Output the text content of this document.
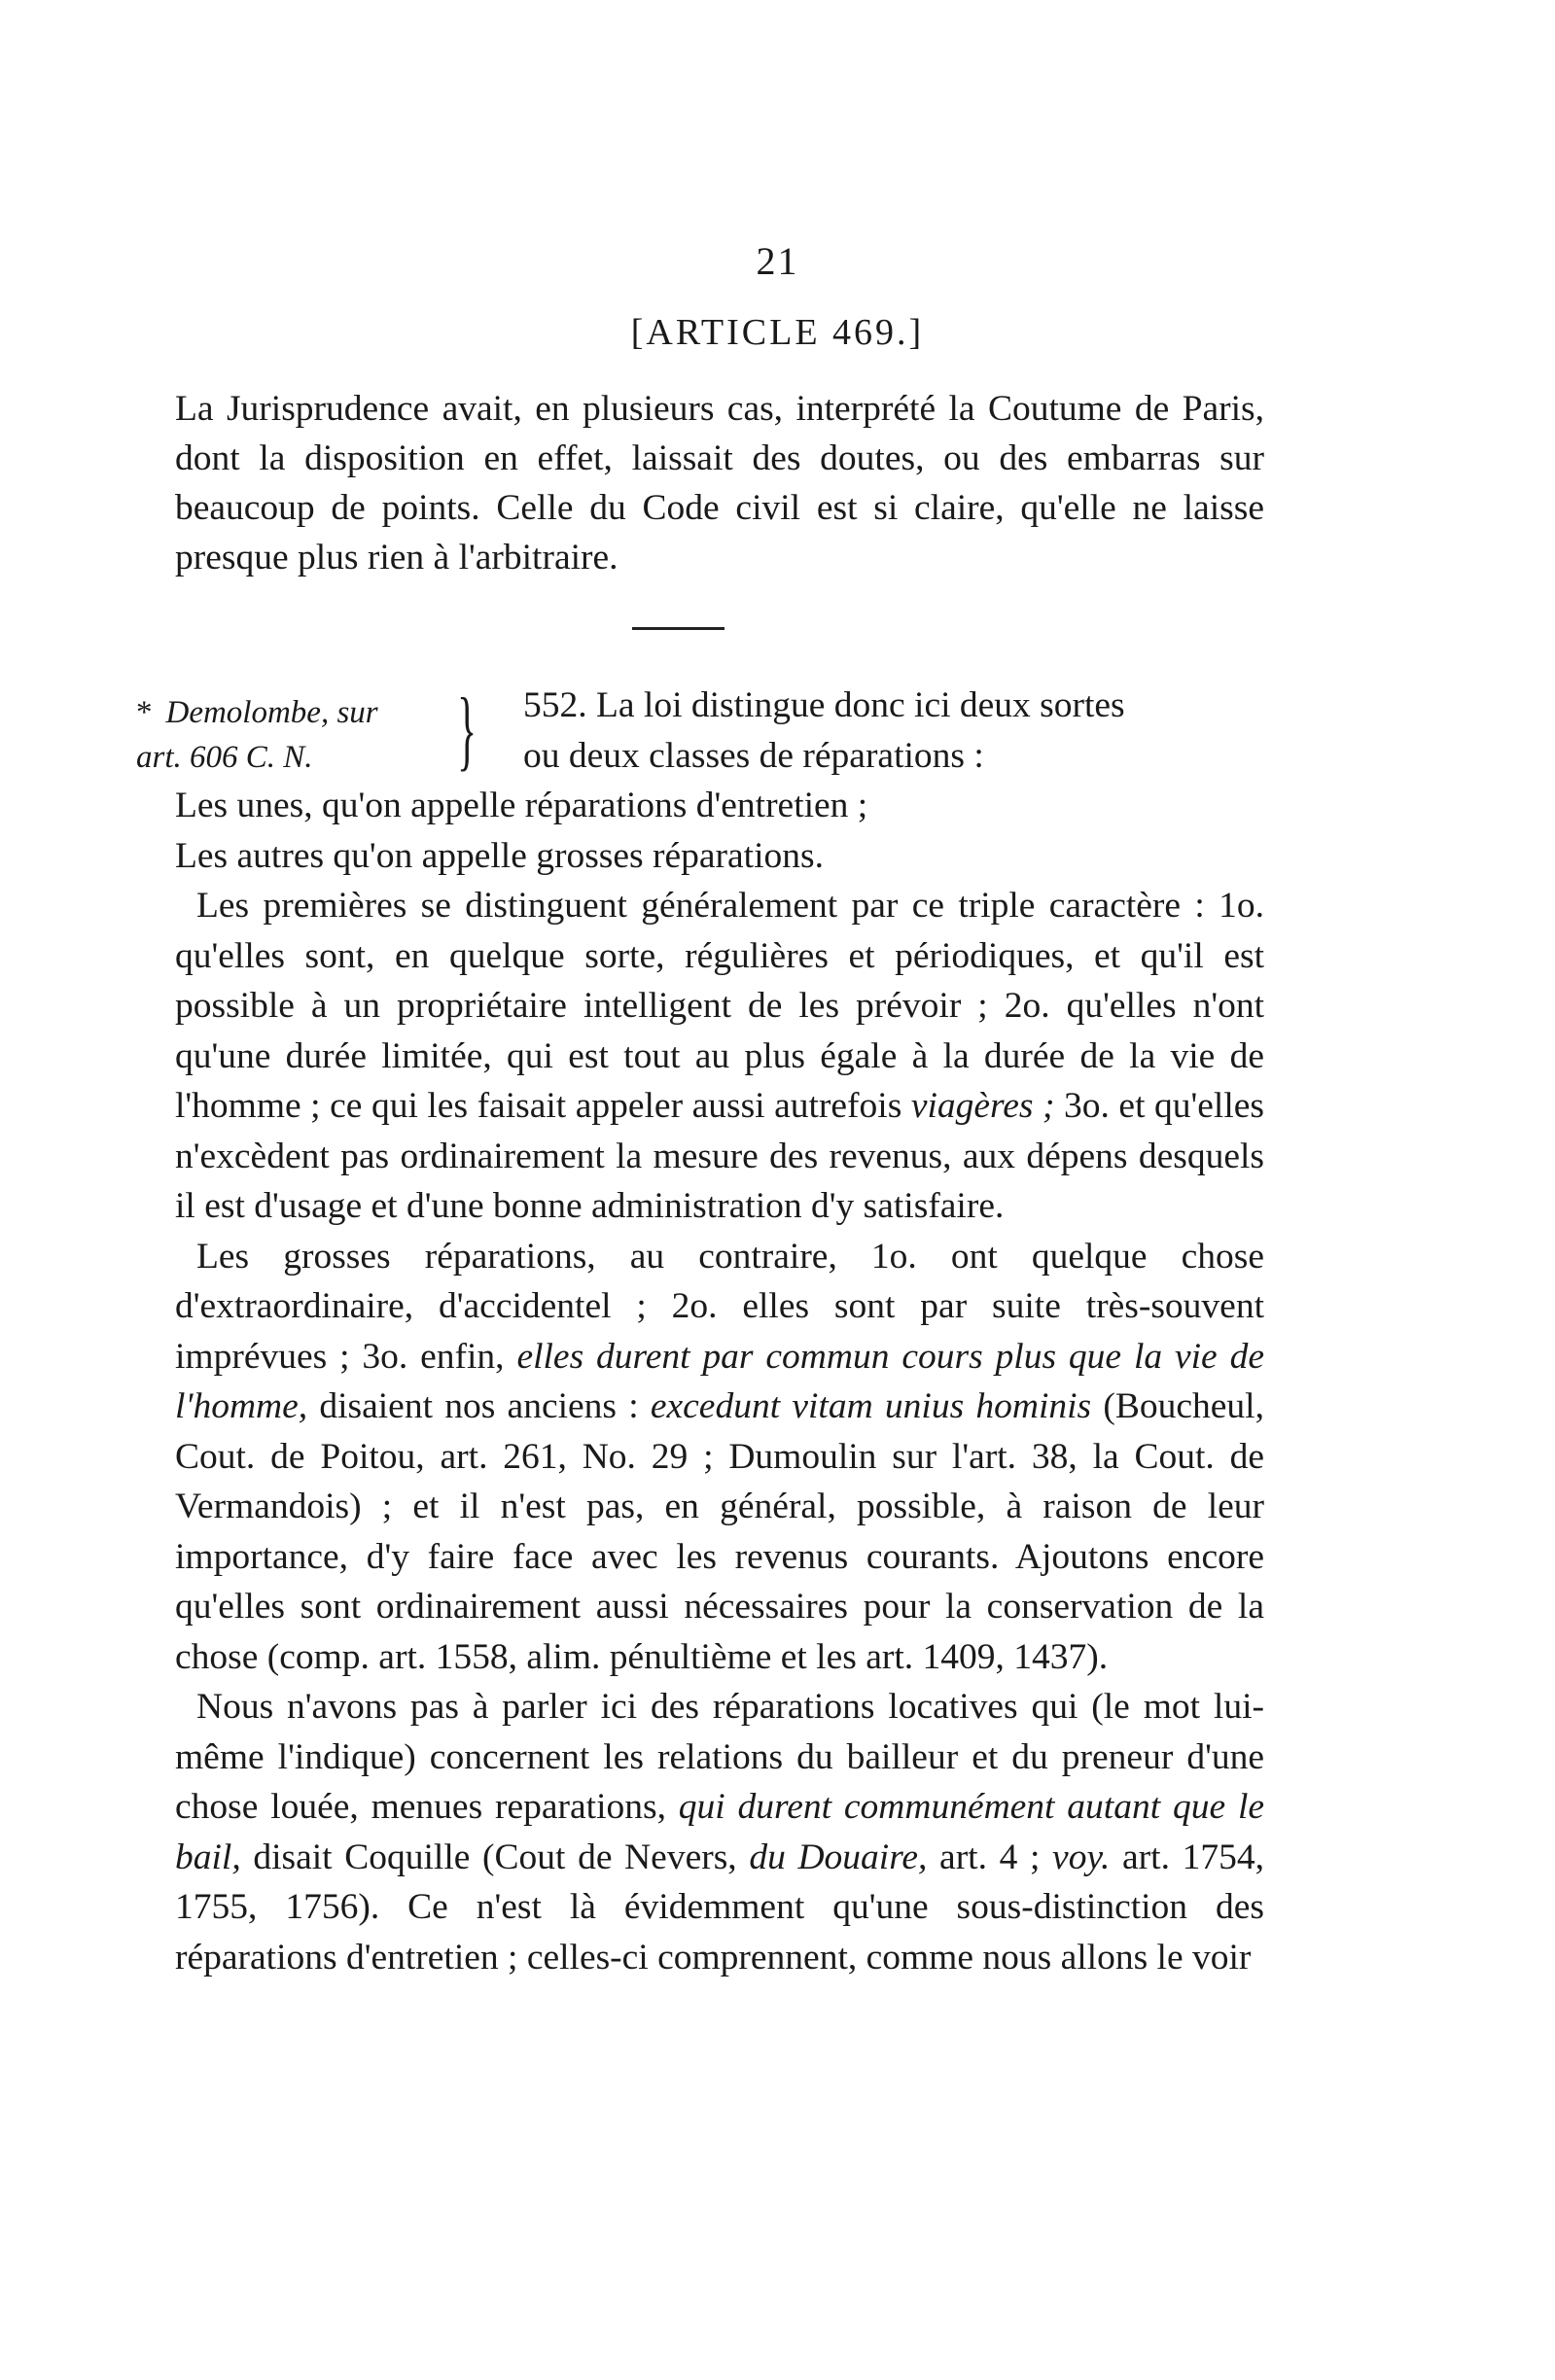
21
[ARTICLE 469.]

La Jurisprudence avait, en plusieurs cas, interprété la Coutume de Paris, dont la disposition en effet, laissait des doutes, ou des embarras sur beaucoup de points. Celle du Code civil est si claire, qu'elle ne laisse presque plus rien à l'arbitraire.

* Demolombe, sur
art. 606 C. N.	}	552. La loi distingue donc ici deux sortes

ou deux classes de réparations :

Les unes, qu'on appelle réparations d'entretien ;

Les autres qu'on appelle grosses réparations.

Les premières se distinguent généralement par ce triple caractère : 1o. qu'elles sont, en quelque sorte, régulières et périodiques, et qu'il est possible à un propriétaire intelligent de les prévoir ; 2o. qu'elles n'ont qu'une durée limitée, qui est tout au plus égale à la durée de la vie de l'homme ; ce qui les faisait appeler aussi autrefois viagères ; 3o. et qu'elles n'excèdent pas ordinairement la mesure des revenus, aux dépens desquels il est d'usage et d'une bonne administration d'y satisfaire.

Les grosses réparations, au contraire, 1o. ont quelque chose d'extraordinaire, d'accidentel ; 2o. elles sont par suite très-souvent imprévues ; 3o. enfin, elles durent par commun cours plus que la vie de l'homme, disaient nos anciens : excedunt vitam unius hominis (Boucheul, Cout. de Poitou, art. 261, No. 29 ; Dumoulin sur l'art. 38, la Cout. de Vermandois) ; et il n'est pas, en général, possible, à raison de leur importance, d'y faire face avec les revenus courants. Ajoutons encore qu'elles sont ordinairement aussi nécessaires pour la conservation de la chose (comp. art. 1558, alim. pénultième et les art. 1409, 1437).

Nous n'avons pas à parler ici des réparations locatives qui (le mot lui-même l'indique) concernent les relations du bailleur et du preneur d'une chose louée, menues reparations, qui durent communément autant que le bail, disait Coquille (Cout de Nevers, du Douaire, art. 4 ; voy. art. 1754, 1755, 1756). Ce n'est là évidemment qu'une sous-distinction des réparations d'entretien ; celles-ci comprennent, comme nous allons le voir
